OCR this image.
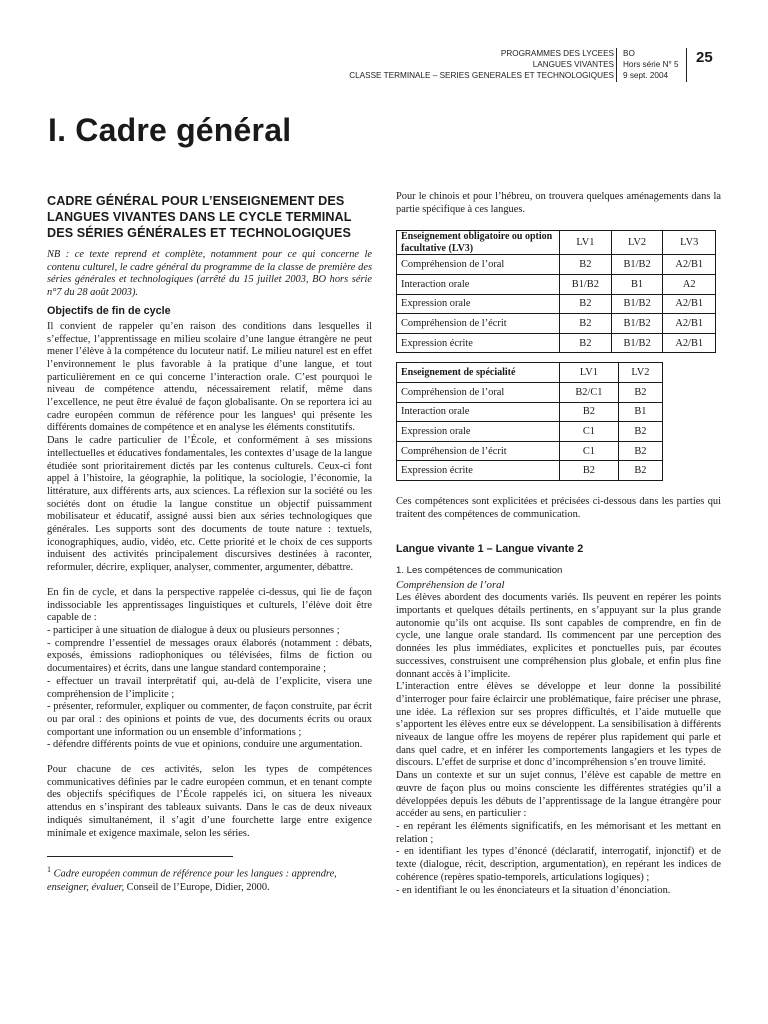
PROGRAMMES DES LYCEES
LANGUES VIVANTES
CLASSE TERMINALE – SERIES GENERALES ET TECHNOLOGIQUES
BO
Hors série N° 5
9 sept. 2004
25
I. Cadre général
CADRE GÉNÉRAL POUR L’ENSEIGNEMENT DES LANGUES VIVANTES DANS LE CYCLE TERMINAL DES SÉRIES GÉNÉRALES ET TECHNOLOGIQUES

NB : ce texte reprend et complète, notamment pour ce qui concerne le contenu culturel, le cadre général du programme de la classe de première des séries générales et technologiques (arrêté du 15 juillet 2003, BO hors série n°7 du 28 août 2003).

Objectifs de fin de cycle

Il convient de rappeler qu’en raison des conditions dans lesquelles il s’effectue, l’apprentissage en milieu scolaire d’une langue étrangère ne peut mener l’élève à la compétence du locuteur natif. Le milieu naturel est en effet l’environnement le plus favorable à la pratique d’une langue, et tout particulièrement en ce qui concerne l’interaction orale. C’est pourquoi le niveau de compétence attendu, nécessairement relatif, même dans l’excellence, ne peut être évalué de façon globalisante. On se reportera ici au cadre européen commun de référence pour les langues¹ qui présente les différents domaines de compétence et en analyse les éléments constitutifs.

Dans le cadre particulier de l’École, et conformément à ses missions intellectuelles et éducatives fondamentales, les contextes d’usage de la langue étudiée sont prioritairement dictés par les contenus culturels. Ceux-ci font appel à l’histoire, la géographie, la politique, la sociologie, l’économie, la littérature, aux différents arts, aux sciences. La réflexion sur la société ou les sociétés dont on étudie la langue constitue un objectif puissamment mobilisateur et éducatif, assigné aussi bien aux séries technologiques que générales. Les supports sont des documents de toute nature : textuels, iconographiques, audio, vidéo, etc. Cette priorité et le choix de ces supports induisent des activités principalement discursives destinées à raconter, reformuler, décrire, expliquer, analyser, commenter, argumenter, débattre.

En fin de cycle, et dans la perspective rappelée ci-dessus, qui lie de façon indissociable les apprentissages linguistiques et culturels, l’élève doit être capable de :

- participer à une situation de dialogue à deux ou plusieurs personnes ;
- comprendre l’essentiel de messages oraux élaborés (notamment : débats, exposés, émissions radiophoniques ou télévisées, films de fiction ou documentaires) et écrits, dans une langue standard contemporaine ;
- effectuer un travail interprétatif qui, au-delà de l’explicite, visera une compréhension de l’implicite ;
- présenter, reformuler, expliquer ou commenter, de façon construite, par écrit ou par oral : des opinions et points de vue, des documents écrits ou oraux comportant une information ou un ensemble d’informations ;
- défendre différents points de vue et opinions, conduire une argumentation.

Pour chacune de ces activités, selon les types de compétences communicatives définies par le cadre européen commun, et en tenant compte des objectifs spécifiques de l’École rappelés ici, on situera les niveaux attendus en s’inspirant des tableaux suivants. Dans le cas de deux niveaux indiqués simultanément, il s’agit d’une fourchette large entre exigence minimale et exigence maximale, selon les séries.

$^1$ Cadre européen commun de référence pour les langues : apprendre, enseigner, évaluer, Conseil de l’Europe, Didier, 2000.

Pour le chinois et pour l’hébreu, on trouvera quelques aménagements dans la partie spécifique à ces langues.

Enseignement obligatoire ou option facultative (LV3)	LV1	LV2	LV3
Compréhension de l’oral	B2	B1/B2	A2/B1
Interaction orale	B1/B2	B1	A2
Expression orale	B2	B1/B2	A2/B1
Compréhension de l’écrit	B2	B1/B2	A2/B1
Expression écrite	B2	B1/B2	A2/B1
Enseignement de spécialité	LV1	LV2
Compréhension de l’oral	B2/C1	B2
Interaction orale	B2	B1
Expression orale	C1	B2
Compréhension de l’écrit	C1	B2
Expression écrite	B2	B2

Ces compétences sont explicitées et précisées ci-dessous dans les parties qui traitent des compétences de communication.

Langue vivante 1 – Langue vivante 2

1. Les compétences de communication

Compréhension de l’oral

Les élèves abordent des documents variés. Ils peuvent en repérer les points importants et quelques détails pertinents, en s’appuyant sur la plus grande autonomie qu’ils ont acquise. Ils sont capables de comprendre, en fin de cycle, une langue orale standard. Ils commencent par une perception des données les plus immédiates, explicites et ponctuelles puis, par écoutes successives, construisent une compréhension plus globale, et enfin plus fine donnant accès à l’implicite.

L’interaction entre élèves se développe et leur donne la possibilité d’interroger pour faire éclaircir une problématique, faire préciser une phrase, une idée. La réflexion sur ses propres difficultés, et l’aide mutuelle que s’apportent les élèves entre eux se développent. La sensibilisation à différents niveaux de langue offre les moyens de repérer plus rapidement qui parle et dans quel cadre, et en inférer les comportements langagiers et les types de discours. L’effet de surprise et donc d’incompréhension s’en trouve limité.

Dans un contexte et sur un sujet connus, l’élève est capable de mettre en œuvre de façon plus ou moins consciente les différentes stratégies qu’il a développées depuis les débuts de l’apprentissage de la langue étrangère pour accéder au sens, en particulier :

- en repérant les éléments significatifs, en les mémorisant et les mettant en relation ;
- en identifiant les types d’énoncé (déclaratif, interrogatif, injonctif) et de texte (dialogue, récit, description, argumentation), en repérant les indices de cohérence (repères spatio-temporels, articulations logiques) ;
- en identifiant le ou les énonciateurs et la situation d’énonciation.
